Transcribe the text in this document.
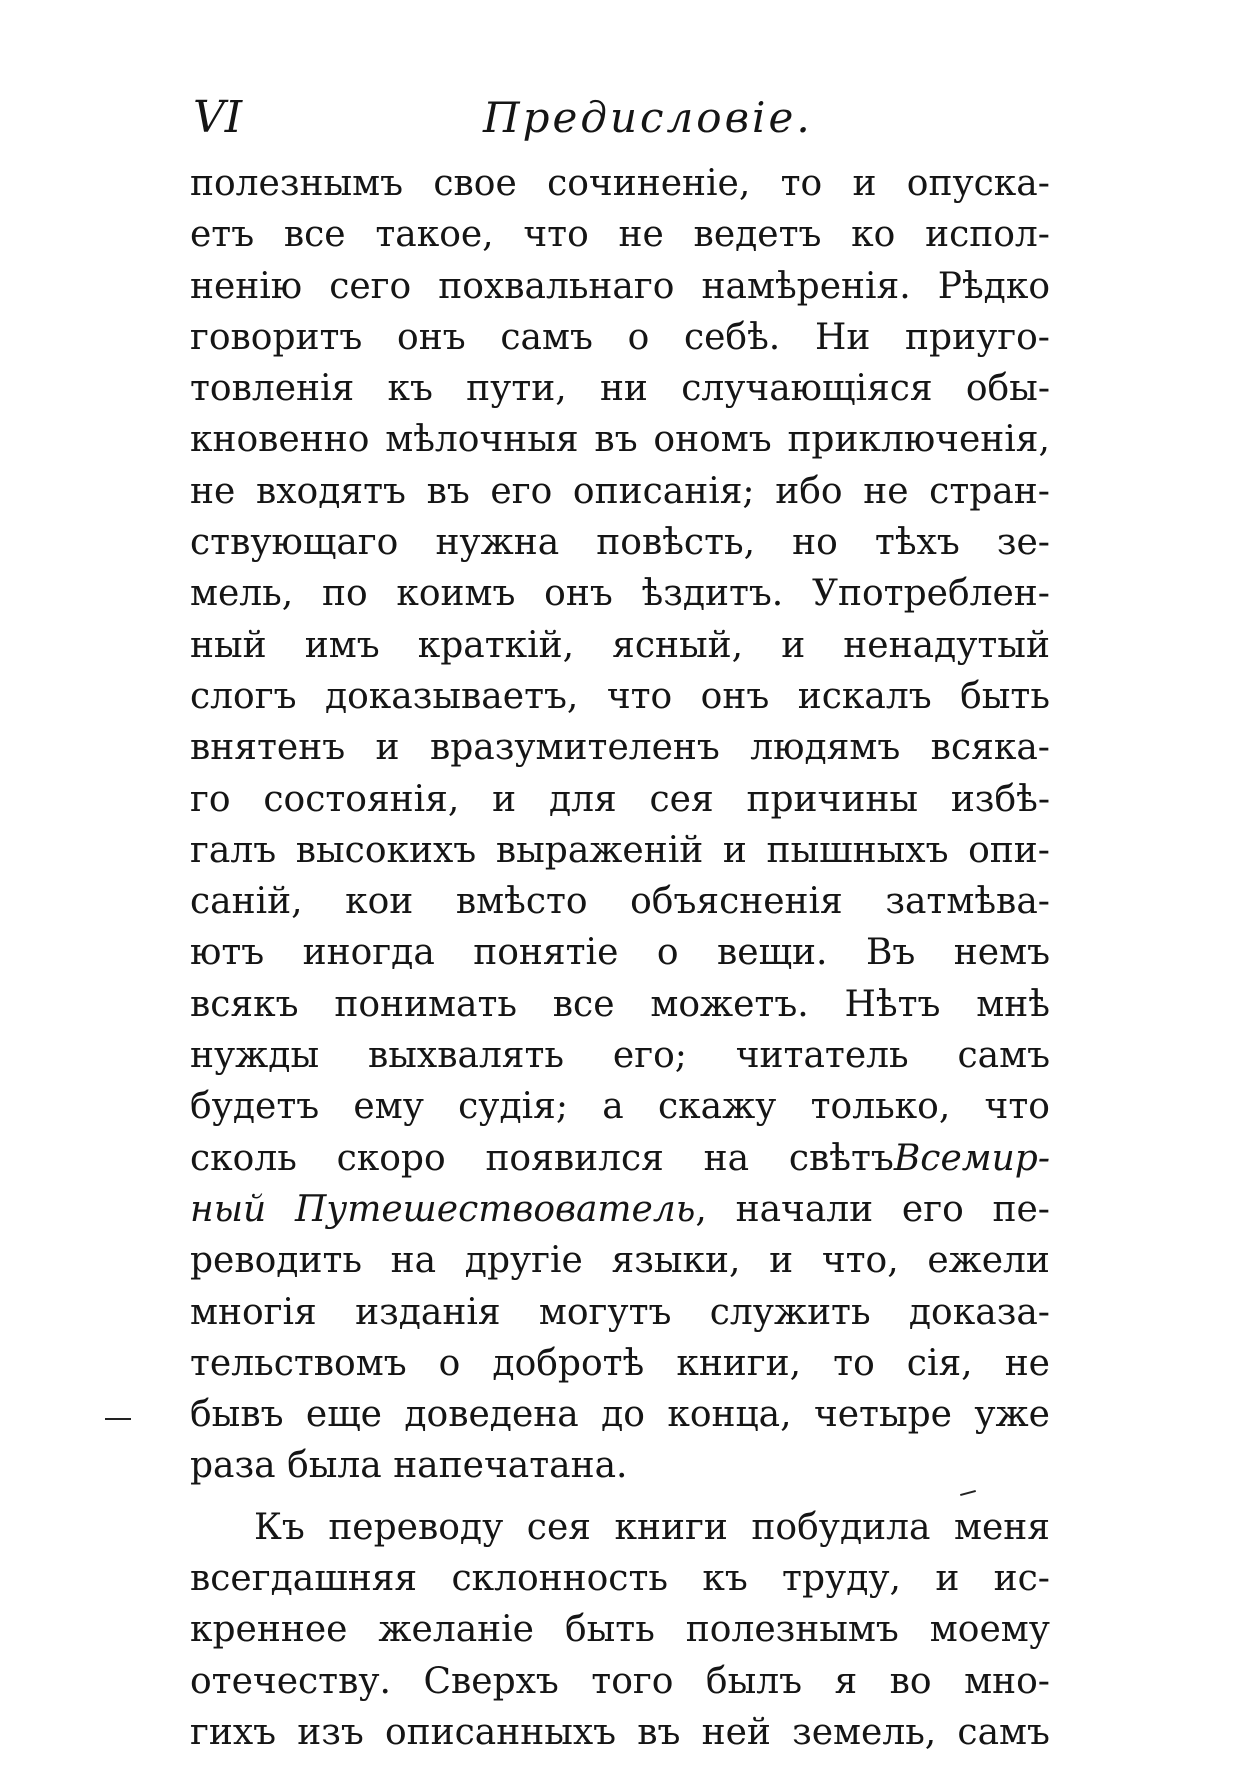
VI	Предисловіе.
полезнымъ свое сочиненіе, то и опуска-
етъ все такое, что не ведетъ ко испол-
ненію сего похвальнаго намѣренія. Рѣдко
говоритъ онъ самъ о себѣ. Ни приуго-
товленія къ пути, ни случающіяся обы-
кновенно мѣлочныя въ ономъ приключенія,
не входятъ въ его описанія; ибо не стран-
ствующаго нужна повѣсть, но тѣхъ зе-
мель, по коимъ онъ ѣздитъ. Употреблен-
ный имъ краткій, ясный, и ненадутый
слогъ доказываетъ, что онъ искалъ быть
внятенъ и вразумителенъ людямъ всяка-
го состоянія, и для сея причины избѣ-
галъ высокихъ выраженій и пышныхъ опи-
саній, кои вмѣсто объясненія затмѣва-
ютъ иногда понятіе о вещи. Въ немъ
всякъ понимать все можетъ. Нѣтъ мнѣ
нужды выхвалять его; читатель самъ
будетъ ему судія; а скажу только, что
сколь скоро появился на свѣтъВсемир-
ный Путешествователь, начали его пе-
реводить на другіе языки, и что, ежели
многія изданія могутъ служить доказа-
тельствомъ о добротѣ книги, то сія, не
бывъ еще доведена до конца, четыре уже
раза
была
напечатана.

Къ переводу сея книги побудила меня
всегдашняя склонность къ труду, и ис-
креннее желаніе быть полезнымъ моему
отечеству. Сверхъ того былъ я во мно-
гихъ изъ описанныхъ въ ней земель, самъ
